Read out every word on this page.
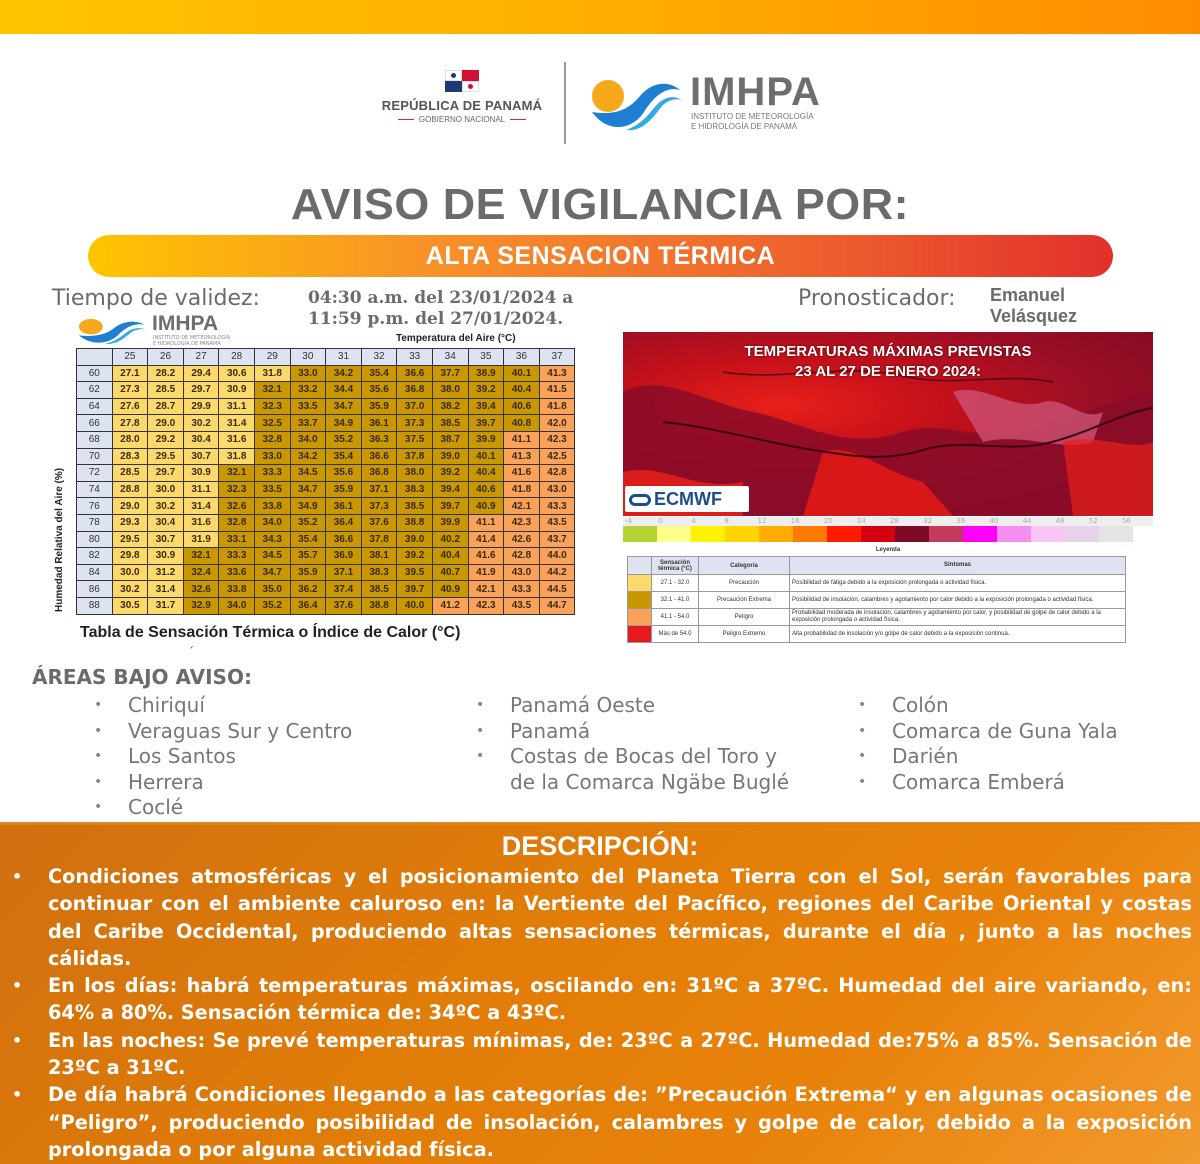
REPÚBLICA DE PANAMÁ
GOBIERNO NACIONAL
IMHPA
INSTITUTO DE METEOROLOGÍA
E HIDROLOGÍA DE PANAMÁ
AVISO DE VIGILANCIA POR:
ALTA SENSACION TÉRMICA
Tiempo de validez:	04:30 a.m. del 23/01/2024 a
11:59 p.m. del 27/01/2024.
Pronosticador: Emanuel
Velásquez
IMHPA
INSTITUTO DE METEOROLOGÍA
E HIDROLOGÍA DE PANAMÁ	Temperatura del Aire (°C)
Humedad Relativa del Aire (%)
	25	26	27	28	29	30	31	32	33	34	35	36	37
60	27.1	28.2	29.4	30.6	31.8	33.0	34.2	35.4	36.6	37.7	38.9	40.1	41.3
62	27.3	28.5	29.7	30.9	32.1	33.2	34.4	35.6	36.8	38.0	39.2	40.4	41.5
64	27.6	28.7	29.9	31.1	32.3	33.5	34.7	35.9	37.0	38.2	39.4	40.6	41.8
66	27.8	29.0	30.2	31.4	32.5	33.7	34.9	36.1	37.3	38.5	39.7	40.8	42.0
68	28.0	29.2	30.4	31.6	32.8	34.0	35.2	36.3	37.5	38.7	39.9	41.1	42.3
70	28.3	29.5	30.7	31.8	33.0	34.2	35.4	36.6	37.8	39.0	40.1	41.3	42.5
72	28.5	29.7	30.9	32.1	33.3	34.5	35.6	36.8	38.0	39.2	40.4	41.6	42.8
74	28.8	30.0	31.1	32.3	33.5	34.7	35.9	37.1	38.3	39.4	40.6	41.8	43.0
76	29.0	30.2	31.4	32.6	33.8	34.9	36.1	37.3	38.5	39.7	40.9	42.1	43.3
78	29.3	30.4	31.6	32.8	34.0	35.2	36.4	37.6	38.8	39.9	41.1	42.3	43.5
80	29.5	30.7	31.9	33.1	34.3	35.4	36.6	37.8	39.0	40.2	41.4	42.6	43.7
82	29.8	30.9	32.1	33.3	34.5	35.7	36.9	38.1	39.2	40.4	41.6	42.8	44.0
84	30.0	31.2	32.4	33.6	34.7	35.9	37.1	38.3	39.5	40.7	41.9	43.0	44.2
86	30.2	31.4	32.6	33.8	35.0	36.2	37.4	38.5	39.7	40.9	42.1	43.3	44.5
88	30.5	31.7	32.9	34.0	35.2	36.4	37.6	38.8	40.0	41.2	42.3	43.5	44.7
Tabla de Sensación Térmica o Índice de Calor (°C)
TEMPERATURAS MÁXIMAS PREVISTAS
23 AL 27 DE ENERO 2024:
ECMWF
-4	0	4	8	12	16	20	24	28	32	36	40	44	48	52	56
Leyenda
	Sensación térmica (°C)	Categoría	Síntomas
	27.1 - 32.0	Precaución	Posibilidad de fátiga debido a la exposición prolongada o actividad física.
	32.1 - 41.0	Precaución Extrema	Posibilidad de insolación, calambres y agotamiento por calor debido a la exposición prolongada o actividad física.
	41.1 - 54.0	Peligro	Probabilidad moderada de insolación, calambres y agotamiento por calor, y posibilidad de golpe de calor debido a la exposición prolongada o actividad física.
	Más de 54.0	Peligro Extremo	Alta probabilidad de insolación y/o golpe de calor debido a la exposición continua.
ˊ
ÁREAS BAJO AVISO:
• Chiriquí
• Veraguas Sur y Centro
• Los Santos
• Herrera
• Coclé
• Panamá Oeste
• Panamá
• Costas de Bocas del Toro y de la Comarca Ngäbe Buglé
• Colón
• Comarca de Guna Yala
• Darién
• Comarca Emberá
DESCRIPCIÓN:
• Condiciones atmosféricas y el posicionamiento del Planeta Tierra con el Sol, serán favorables para continuar con el ambiente caluroso en: la Vertiente del Pacífico, regiones del Caribe Oriental y costas del Caribe Occidental, produciendo altas sensaciones térmicas, durante el día , junto a las noches cálidas.
• En los días: habrá temperaturas máximas, oscilando en: 31ºC a 37ºC. Humedad del aire variando, en: 64% a 80%. Sensación térmica de: 34ºC a 43ºC.
• En las noches: Se prevé temperaturas mínimas, de: 23ºC a 27ºC. Humedad de:75% a 85%. Sensación de 23ºC a 31ºC.
• De día habrá Condiciones llegando a las categorías de: ”Precaución Extrema“ y en algunas ocasiones de “Peligro”, produciendo posibilidad de insolación, calambres y golpe de calor, debido a la exposición prolongada o por alguna actividad física.
